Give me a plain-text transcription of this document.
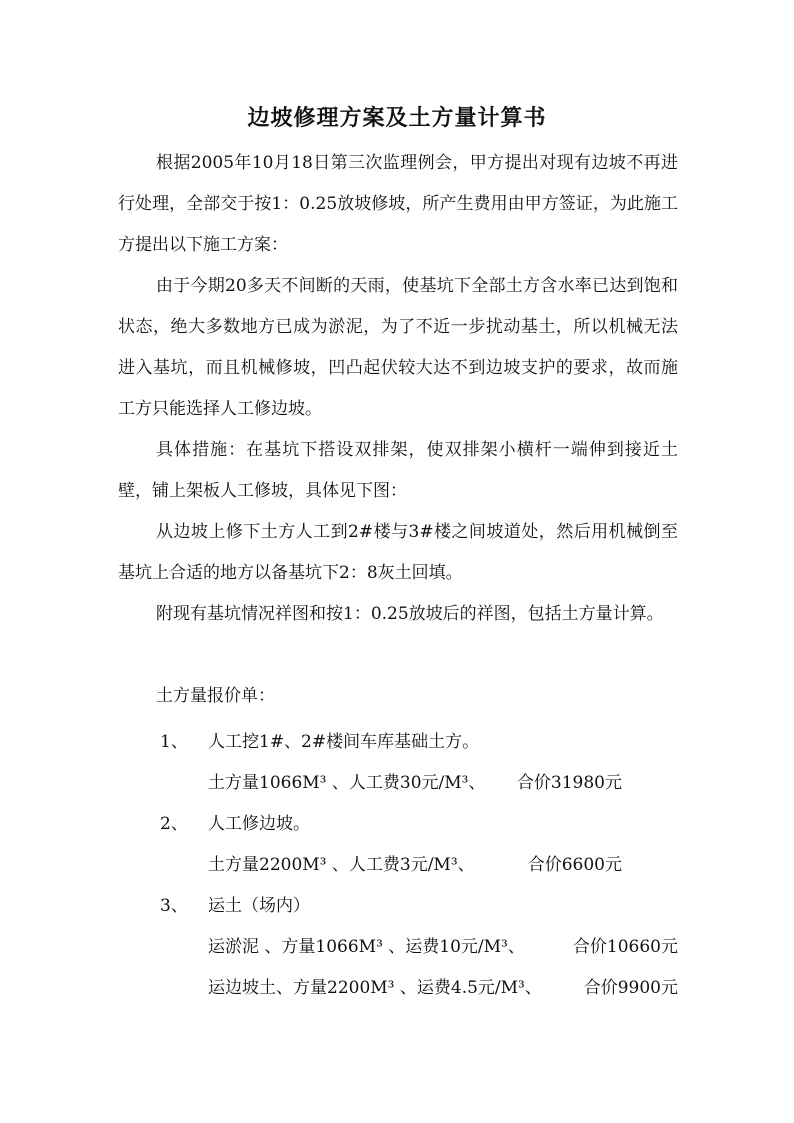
边坡修理方案及土方量计算书

根据2005年10月18日第三次监理例会，甲方提出对现有边坡不再进行处理，全部交于按1：0.25放坡修坡，所产生费用由甲方签证，为此施工方提出以下施工方案：

由于今期20多天不间断的天雨，使基坑下全部土方含水率已达到饱和状态，绝大多数地方已成为淤泥，为了不近一步扰动基土，所以机械无法进入基坑，而且机械修坡，凹凸起伏较大达不到边坡支护的要求，故而施工方只能选择人工修边坡。

具体措施：在基坑下搭设双排架，使双排架小横杆一端伸到接近土壁，铺上架板人工修坡，具体见下图：

从边坡上修下土方人工到2#楼与3#楼之间坡道处，然后用机械倒至基坑上合适的地方以备基坑下2：8灰土回填。

附现有基坑情况祥图和按1：0.25放坡后的祥图，包括土方量计算。

土方量报价单：

1、 人工挖1#、2#楼间车库基础土方。
土方量1066M³ 、人工费30元/M³、 合价31980元
2、 人工修边坡。
土方量2200M³ 、人工费3元/M³、	合价6600元
3、 运土（场内）
运淤泥 、方量1066M³ 、运费10元/M³、	合价10660元
运边坡土、方量2200M³ 、运费4.5元/M³、 合价9900元
